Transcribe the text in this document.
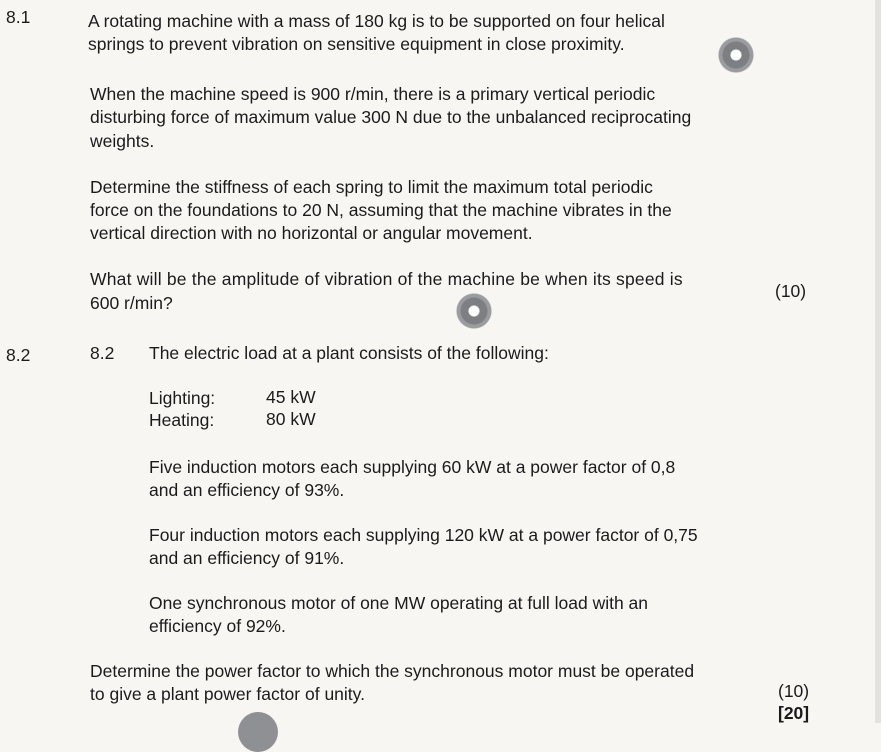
8.1	A rotating machine with a mass of 180 kg is to be supported on four helical
springs to prevent vibration on sensitive equipment in close proximity.
When the machine speed is 900 r/min, there is a primary vertical periodic
disturbing force of maximum value 300 N due to the unbalanced reciprocating
weights.
Determine the stiffness of each spring to limit the maximum total periodic
force on the foundations to 20 N, assuming that the machine vibrates in the
vertical direction with no horizontal or angular movement.
What will be the amplitude of vibration of the machine be when its speed is
600 r/min?
(10)
8.2	8.2 The electric load at a plant consists of the following:
Lighting:	45 kW
Heating:	80 kW
Five induction motors each supplying 60 kW at a power factor of 0,8
and an efficiency of 93%.
Four induction motors each supplying 120 kW at a power factor of 0,75
and an efficiency of 91%.
One synchronous motor of one MW operating at full load with an
efficiency of 92%.
Determine the power factor to which the synchronous motor must be operated
to give a plant power factor of unity.	(10)
[20]
